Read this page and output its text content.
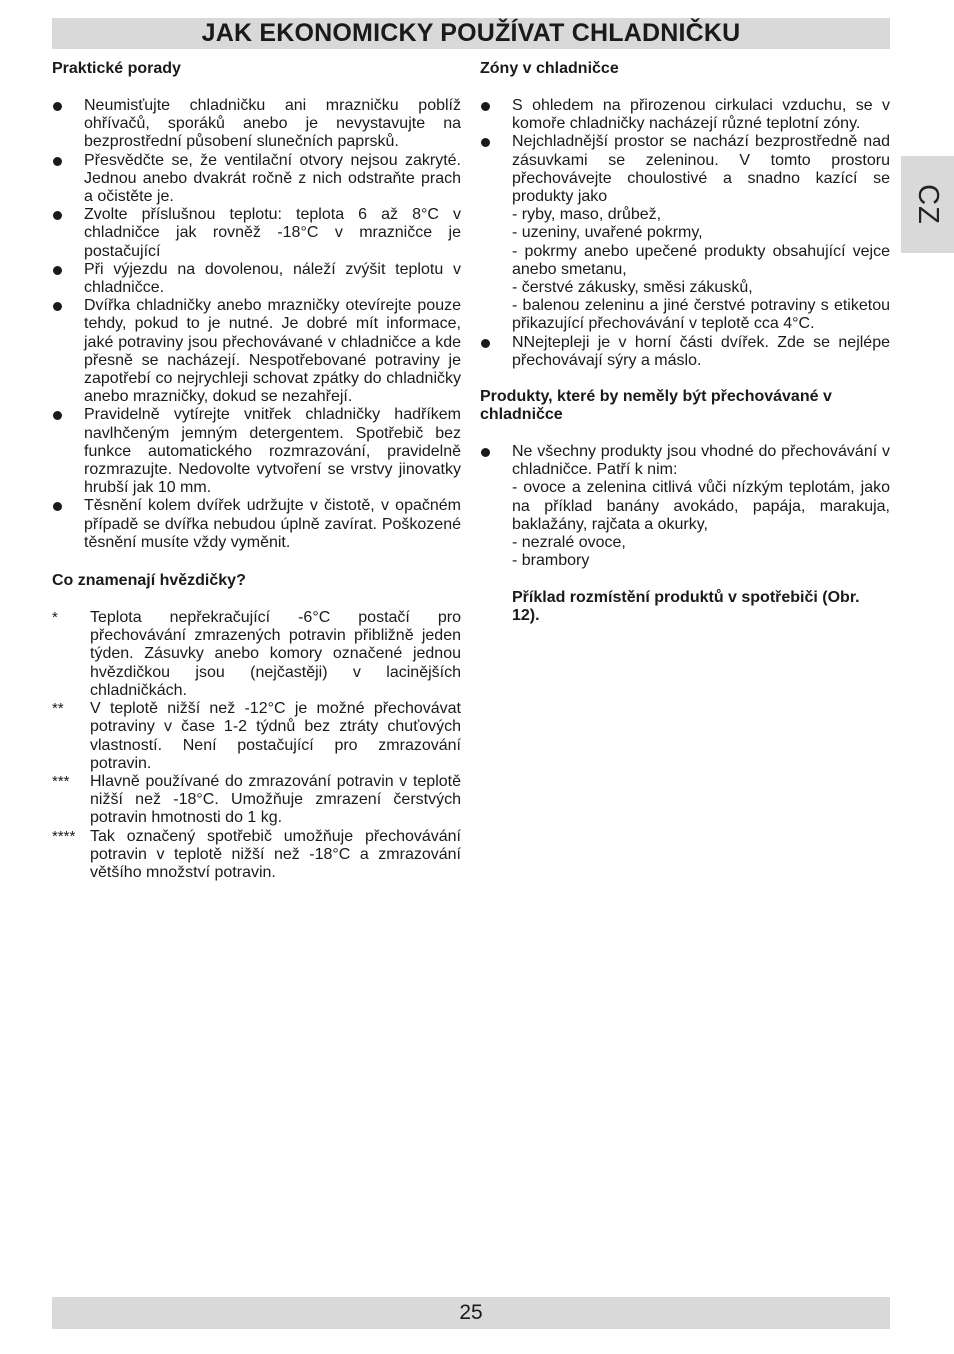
JAK EKONOMICKY POUŽÍVAT CHLADNIČKU
CZ
Praktické porady
Neumisťujte chladničku ani mrazničku poblíž ohřívačů, sporáků anebo je nevystavujte na bezprostřední působení slunečních paprsků.
Přesvědčte se, že ventilační otvory nejsou zakryté. Jednou anebo dvakrát ročně z nich odstraňte prach a očistěte je.
Zvolte příslušnou teplotu: teplota 6 až 8°C v chladničce jak rovněž -18°C v mrazničce je postačující
Při výjezdu na dovolenou, náleží zvýšit teplotu v chladničce.
Dvířka chladničky anebo mrazničky otevírejte pouze tehdy, pokud to je nutné. Je dobré mít informace, jaké potraviny jsou přechovávané v chladničce a kde přesně se nacházejí. Nespotřebované potraviny je zapotřebí co nejrychleji schovat zpátky do chladničky anebo mrazničky, dokud se nezahřejí.
Pravidelně vytírejte vnitřek chladničky hadříkem navlhčeným jemným detergentem. Spotřebič bez funkce automatického rozmrazování, pravidelně rozmrazujte. Nedovolte vytvoření se vrstvy jinovatky hrubší jak 10 mm.
Těsnění kolem dvířek udržujte v čistotě, v opačném případě se dvířka nebudou úplně zavírat. Poškozené těsnění musíte vždy vyměnit.
Co znamenají hvězdičky?
* Teplota nepřekračující -6°C postačí pro přechovávání zmrazených potravin přibližně jeden týden. Zásuvky anebo komory označené jednou hvězdičkou jsou (nejčastěji) v lacinějších chladničkách.
** V teplotě nižší než -12°C je možné přechovávat potraviny v čase 1-2 týdnů bez ztráty chuťových vlastností. Není postačující pro zmrazování potravin.
*** Hlavně používané do zmrazování potravin v teplotě nižší než -18°C. Umožňuje zmrazení čerstvých potravin hmotnosti do 1 kg.
**** Tak označený spotřebič umožňuje přechovávání potravin v teplotě nižší než -18°C a zmrazování většího množství potravin.
Zóny v chladničce
S ohledem na přirozenou cirkulaci vzduchu, se v komoře chladničky nacházejí různé teplotní zóny.
Nejchladnější prostor se nachází bezprostředně nad zásuvkami se zeleninou. V tomto prostoru přechovávejte choulostivé a snadno kazící se produkty jako
- ryby, maso, drůbež,
- uzeniny, uvařené pokrmy,
- pokrmy anebo upečené produkty obsahující vejce anebo smetanu,
- čerstvé zákusky, směsi zákusků,
- balenou zeleninu a jiné čerstvé potraviny s etiketou přikazující přechovávání v teplotě cca 4°C.
NNejtepleji je v horní části dvířek. Zde se nejlépe přechovávají sýry a máslo.
Produkty, které by neměly být přechovávané v chladničce
Ne všechny produkty jsou vhodné do přechovávání v chladničce. Patří k nim:
- ovoce a zelenina citlivá vůči nízkým teplotám, jako na příklad banány avokádo, papája, marakuja, baklažány, rajčata a okurky,
- nezralé ovoce,
- brambory
Příklad rozmístění produktů v spotřebiči (Obr. 12).
25
